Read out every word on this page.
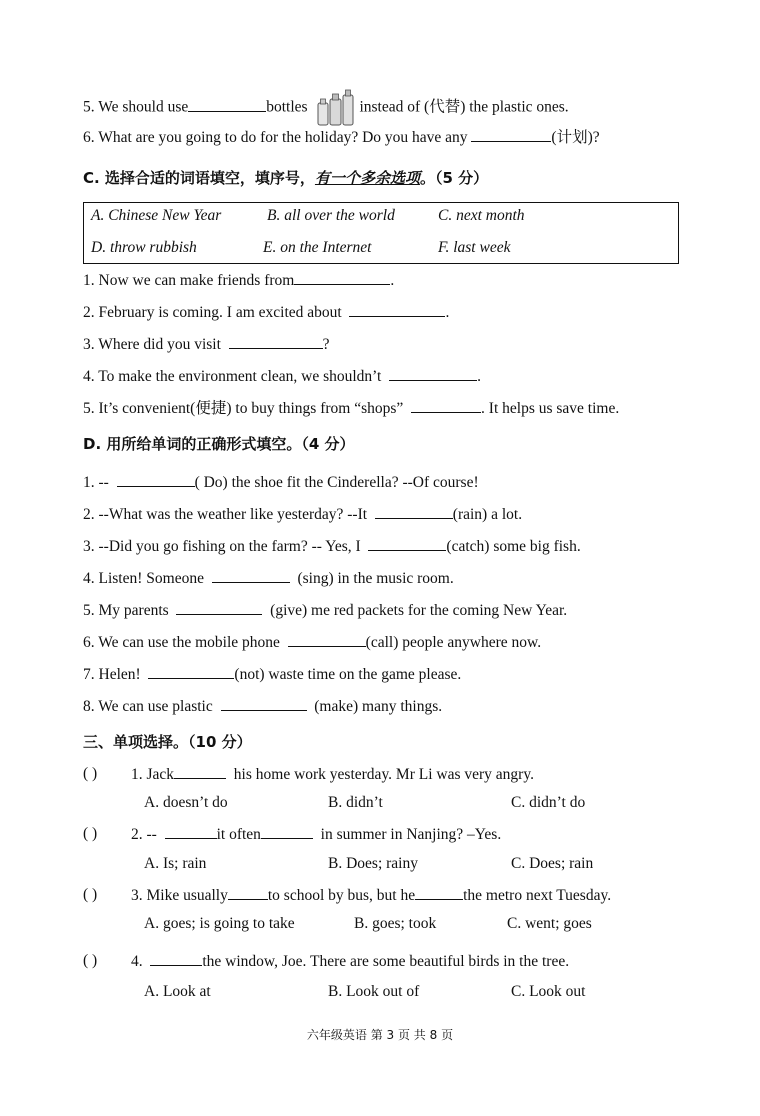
5. We should use	bottles	instead of (代替) the plastic ones.
6. What are you going to do for the holiday? Do you have any	(计划)?
C. 选择合适的词语填空，填序号，有一个多余选项。（5 分）
A. Chinese New Year	B. all over the world	C. next month
D. throw rubbish	E. on the Internet	F. last week
1. Now we can make friends from	.
2. February is coming. I am excited about	.
3. Where did you visit	?
4. To make the environment clean, we shouldn’t	.
5. It’s convenient(便捷) to buy things from “shops”	. It helps us save time.
D. 用所给单词的正确形式填空。（4 分）
1. --	( Do) the shoe fit the Cinderella? --Of course!
2. --What was the weather like yesterday? --It	(rain) a lot.
3. --Did you go fishing on the farm? -- Yes, I	(catch) some big fish.
4. Listen! Someone	(sing) in the music room.
5. My parents	(give) me red packets for the coming New Year.
6. We can use the mobile phone	(call) people anywhere now.
7. Helen!	(not) waste time on the game please.
8. We can use plastic	(make) many things.
三、单项选择。（10 分）
( ) 1. Jack	his home work yesterday. Mr Li was very angry.
A. doesn’t do	B. didn’t	C. didn’t do
( ) 2. --	it often	in summer in Nanjing? –Yes.
A. Is; rain	B. Does; rainy	C. Does; rain
( ) 3. Mike usually	to school by bus, but he	the metro next Tuesday.
A. goes; is going to take	B. goes; took	C. went; goes
( ) 4.	the window, Joe. There are some beautiful birds in the tree.
A. Look at	B. Look out of	C. Look out
六年级英语 第 3 页 共 8 页
